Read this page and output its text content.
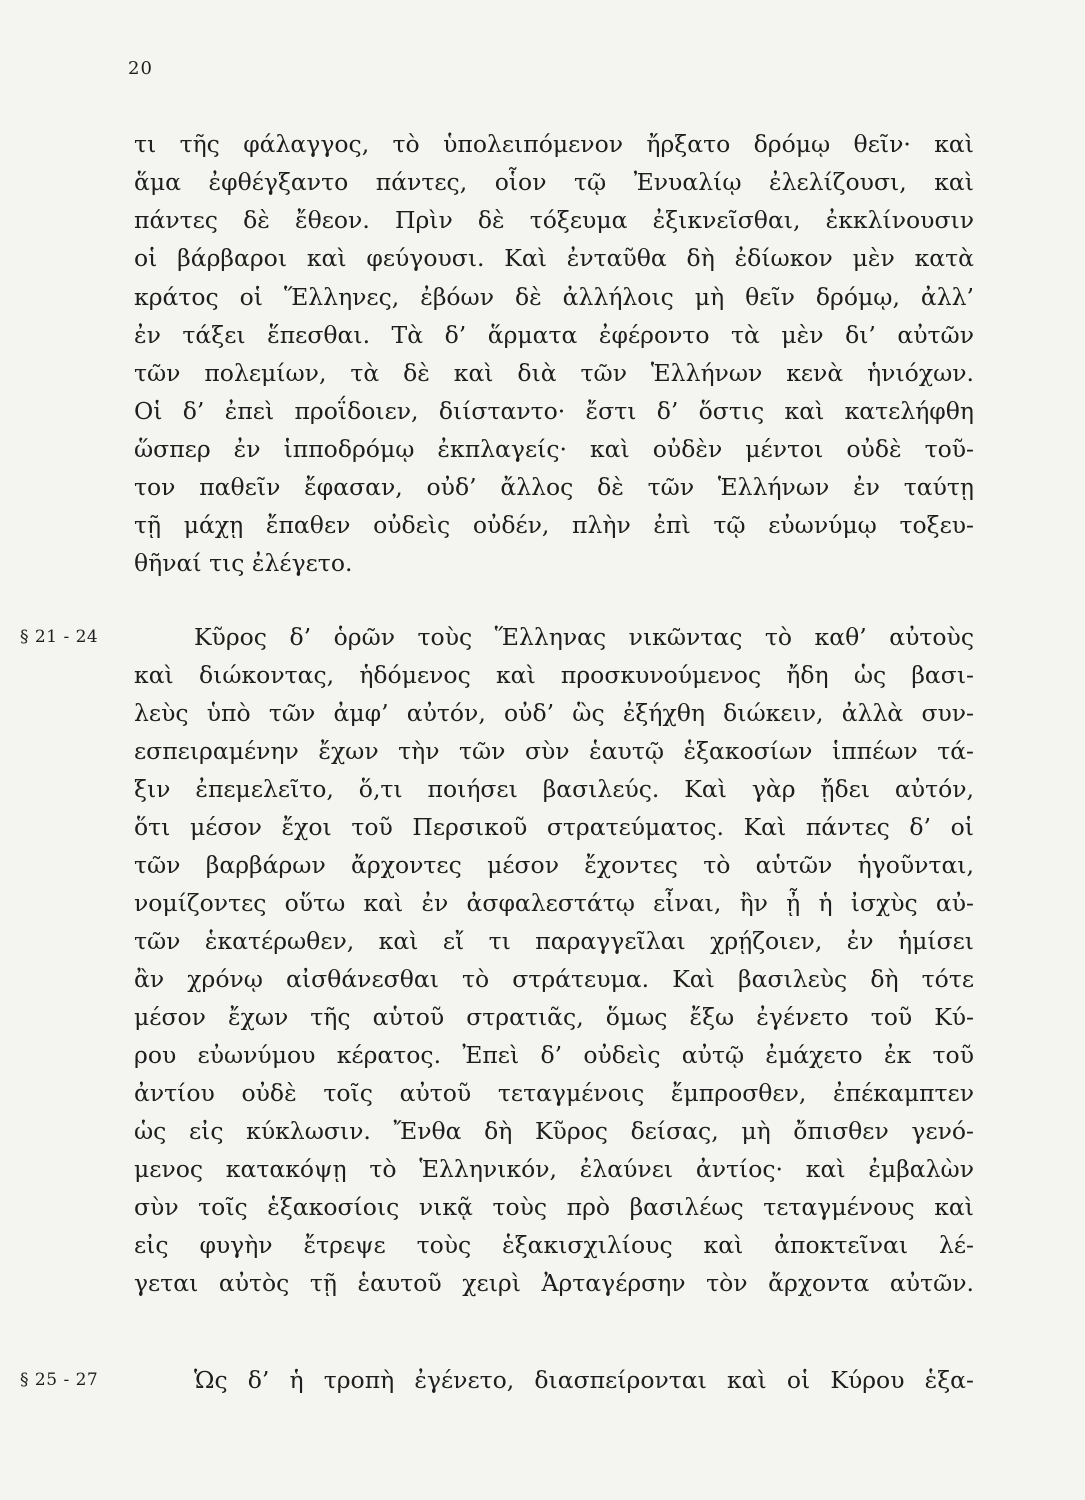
20
§ 21 - 24
§ 25 - 27
τι τῆς φάλαγγος, τὸ ὑπολειπόμενον ἤρξατο δρόμῳ θεῖν· καὶ
ἅμα ἐφθέγξαντο πάντες, οἷον τῷ Ἐνυαλίῳ ἐλελίζουσι, καὶ
πάντες δὲ ἔθεον. Πρὶν δὲ τόξευμα ἐξικνεῖσθαι, ἐκκλίνουσιν
οἱ βάρβαροι καὶ φεύγουσι. Καὶ ἐνταῦθα δὴ ἐδίωκον μὲν κατὰ
κράτος οἱ Ἕλληνες, ἐβόων δὲ ἀλλήλοις μὴ θεῖν δρόμῳ, ἀλλ’
ἐν τάξει ἕπεσθαι. Τὰ δ’ ἅρματα ἐφέροντο τὰ μὲν δι’ αὐτῶν
τῶν πολεμίων, τὰ δὲ καὶ διὰ τῶν Ἑλλήνων κενὰ ἡνιόχων.
Οἱ δ’ ἐπεὶ προΐδοιεν, διίσταντο· ἔστι δ’ ὅστις καὶ κατελήφθη
ὥσπερ ἐν ἱπποδρόμῳ ἐκπλαγείς· καὶ οὐδὲν μέντοι οὐδὲ τοῦ-
τον παθεῖν ἔφασαν, οὐδ’ ἄλλος δὲ τῶν Ἑλλήνων ἐν ταύτῃ
τῇ μάχῃ ἔπαθεν οὐδεὶς οὐδέν, πλὴν ἐπὶ τῷ εὐωνύμῳ τοξευ-
θῆναί τις ἐλέγετο.
Κῦρος δ’ ὁρῶν τοὺς Ἕλληνας νικῶντας τὸ καθ’ αὐτοὺς
καὶ διώκοντας, ἡδόμενος καὶ προσκυνούμενος ἤδη ὡς βασι-
λεὺς ὑπὸ τῶν ἀμφ’ αὐτόν, οὐδ’ ὣς ἐξήχθη διώκειν, ἀλλὰ συν-
εσπειραμένην ἔχων τὴν τῶν σὺν ἑαυτῷ ἑξακοσίων ἱππέων τά-
ξιν ἐπεμελεῖτο, ὅ,τι ποιήσει βασιλεύς. Καὶ γὰρ ᾔδει αὐτόν,
ὅτι μέσον ἔχοι τοῦ Περσικοῦ στρατεύματος. Καὶ πάντες δ’ οἱ
τῶν βαρβάρων ἄρχοντες μέσον ἔχοντες τὸ αὑτῶν ἡγοῦνται,
νομίζοντες οὕτω καὶ ἐν ἀσφαλεστάτῳ εἶναι, ἢν ᾖ ἡ ἰσχὺς αὐ-
τῶν ἑκατέρωθεν, καὶ εἴ τι παραγγεῖλαι χρῄζοιεν, ἐν ἡμίσει
ἂν χρόνῳ αἰσθάνεσθαι τὸ στράτευμα. Καὶ βασιλεὺς δὴ τότε
μέσον ἔχων τῆς αὑτοῦ στρατιᾶς, ὅμως ἔξω ἐγένετο τοῦ Κύ-
ρου εὐωνύμου κέρατος. Ἐπεὶ δ’ οὐδεὶς αὐτῷ ἐμάχετο ἐκ τοῦ
ἀντίου οὐδὲ τοῖς αὐτοῦ τεταγμένοις ἔμπροσθεν, ἐπέκαμπτεν
ὡς εἰς κύκλωσιν. Ἔνθα δὴ Κῦρος δείσας, μὴ ὄπισθεν γενό-
μενος κατακόψῃ τὸ Ἑλληνικόν, ἐλαύνει ἀντίος· καὶ ἐμβαλὼν
σὺν τοῖς ἑξακοσίοις νικᾷ τοὺς πρὸ βασιλέως τεταγμένους καὶ
εἰς φυγὴν ἔτρεψε τοὺς ἑξακισχιλίους καὶ ἀποκτεῖναι λέ-
γεται αὐτὸς τῇ ἑαυτοῦ χειρὶ Ἀρταγέρσην τὸν ἄρχοντα αὐτῶν.
Ὡς δ’ ἡ τροπὴ ἐγένετο, διασπείρονται καὶ οἱ Κύρου ἑξα-
